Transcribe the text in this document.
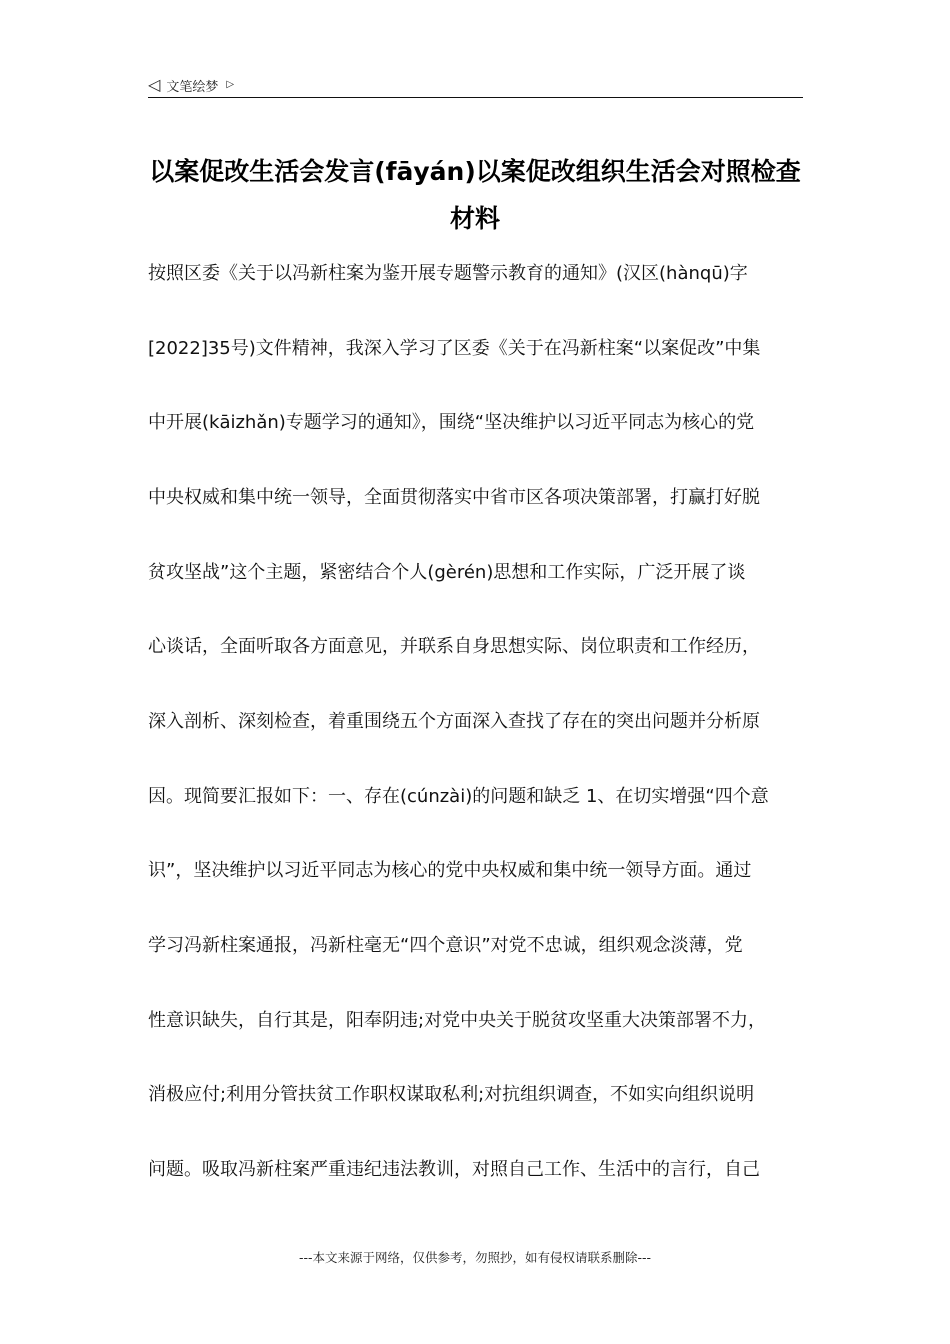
◁ 文笔绘梦 ▷
以案促改生活会发言(fāyán)以案促改组织生活会对照检查
材料
按照区委《关于以冯新柱案为鉴开展专题警示教育的通知》(汉区(hànqū)字
[2022]35号)文件精神，我深入学习了区委《关于在冯新柱案“以案促改”中集
中开展(kāizhǎn)专题学习的通知》，围绕“坚决维护以习近平同志为核心的党
中央权威和集中统一领导，全面贯彻落实中省市区各项决策部署，打赢打好脱
贫攻坚战”这个主题，紧密结合个人(gèrén)思想和工作实际，广泛开展了谈
心谈话，全面听取各方面意见，并联系自身思想实际、岗位职责和工作经历，
深入剖析、深刻检查，着重围绕五个方面深入查找了存在的突出问题并分析原
因。现简要汇报如下：一、存在(cúnzài)的问题和缺乏 1、在切实增强“四个意
识”，坚决维护以习近平同志为核心的党中央权威和集中统一领导方面。通过
学习冯新柱案通报，冯新柱毫无“四个意识”对党不忠诚，组织观念淡薄，党
性意识缺失，自行其是，阳奉阴违;对党中央关于脱贫攻坚重大决策部署不力，
消极应付;利用分管扶贫工作职权谋取私利;对抗组织调查，不如实向组织说明
问题。吸取冯新柱案严重违纪违法教训，对照自己工作、生活中的言行，自己
---本文来源于网络，仅供参考，勿照抄，如有侵权请联系删除---
